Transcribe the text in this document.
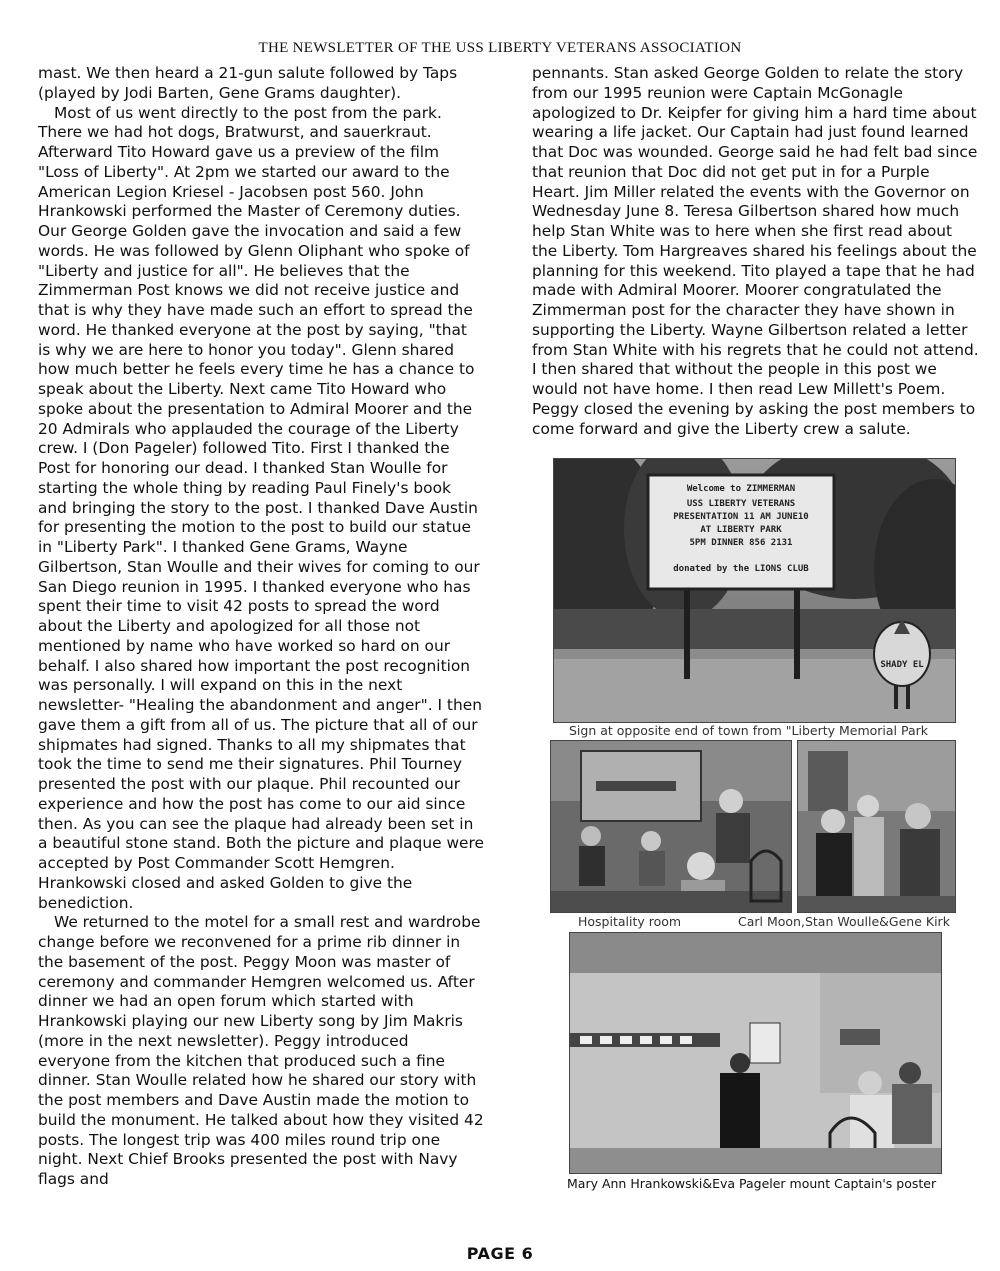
THE NEWSLETTER OF THE USS LIBERTY VETERANS ASSOCIATION

mast. We then heard a 21-gun salute followed by Taps (played by Jodi Barten, Gene Grams daughter).

Most of us went directly to the post from the park. There we had hot dogs, Bratwurst, and sauerkraut. Afterward Tito Howard gave us a preview of the film "Loss of Liberty". At 2pm we started our award to the American Legion Kriesel - Jacobsen post 560. John Hrankowski performed the Master of Ceremony duties. Our George Golden gave the invocation and said a few words. He was followed by Glenn Oliphant who spoke of "Liberty and justice for all". He believes that the Zimmerman Post knows we did not receive justice and that is why they have made such an effort to spread the word. He thanked everyone at the post by saying, "that is why we are here to honor you today". Glenn shared how much better he feels every time he has a chance to speak about the Liberty. Next came Tito Howard who spoke about the presentation to Admiral Moorer and the 20 Admirals who applauded the courage of the Liberty crew. I (Don Pageler) followed Tito. First I thanked the Post for honoring our dead. I thanked Stan Woulle for starting the whole thing by reading Paul Finely's book and bringing the story to the post. I thanked Dave Austin for presenting the motion to the post to build our statue in "Liberty Park". I thanked Gene Grams, Wayne Gilbertson, Stan Woulle and their wives for coming to our San Diego reunion in 1995. I thanked everyone who has spent their time to visit 42 posts to spread the word about the Liberty and apologized for all those not mentioned by name who have worked so hard on our behalf. I also shared how important the post recognition was personally. I will expand on this in the next newsletter- "Healing the abandonment and anger". I then gave them a gift from all of us. The picture that all of our shipmates had signed. Thanks to all my shipmates that took the time to send me their signatures. Phil Tourney presented the post with our plaque. Phil recounted our experience and how the post has come to our aid since then. As you can see the plaque had already been set in a beautiful stone stand. Both the picture and plaque were accepted by Post Commander Scott Hemgren. Hrankowski closed and asked Golden to give the benediction.

We returned to the motel for a small rest and wardrobe change before we reconvened for a prime rib dinner in the basement of the post. Peggy Moon was master of ceremony and commander Hemgren welcomed us. After dinner we had an open forum which started with Hrankowski playing our new Liberty song by Jim Makris (more in the next newsletter). Peggy introduced everyone from the kitchen that produced such a fine dinner. Stan Woulle related how he shared our story with the post members and Dave Austin made the motion to build the monument. He talked about how they visited 42 posts. The longest trip was 400 miles round trip one night. Next Chief Brooks presented the post with Navy flags and

pennants. Stan asked George Golden to relate the story from our 1995 reunion were Captain McGonagle apologized to Dr. Keipfer for giving him a hard time about wearing a life jacket. Our Captain had just found learned that Doc was wounded. George said he had felt bad since that reunion that Doc did not get put in for a Purple Heart. Jim Miller related the events with the Governor on Wednesday June 8. Teresa Gilbertson shared how much help Stan White was to here when she first read about the Liberty. Tom Hargreaves shared his feelings about the planning for this weekend. Tito played a tape that he had made with Admiral Moorer. Moorer congratulated the Zimmerman post for the character they have shown in supporting the Liberty. Wayne Gilbertson related a letter from Stan White with his regrets that he could not attend. I then shared that without the people in this post we would not have home. I then read Lew Millett's Poem. Peggy closed the evening by asking the post members to come forward and give the Liberty crew a salute.

Welcome to ZIMMERMAN
USS LIBERTY VETERANS
PRESENTATION 11 AM JUNE10
AT LIBERTY PARK
5PM DINNER 856 2131
donated by the LIONS CLUB
SHADY EL
Sign at opposite end of town from "Liberty Memorial Park
Hospitality room	Carl Moon,Stan Woulle&Gene Kirk
Mary Ann Hrankowski&Eva Pageler mount Captain's poster
PAGE 6
